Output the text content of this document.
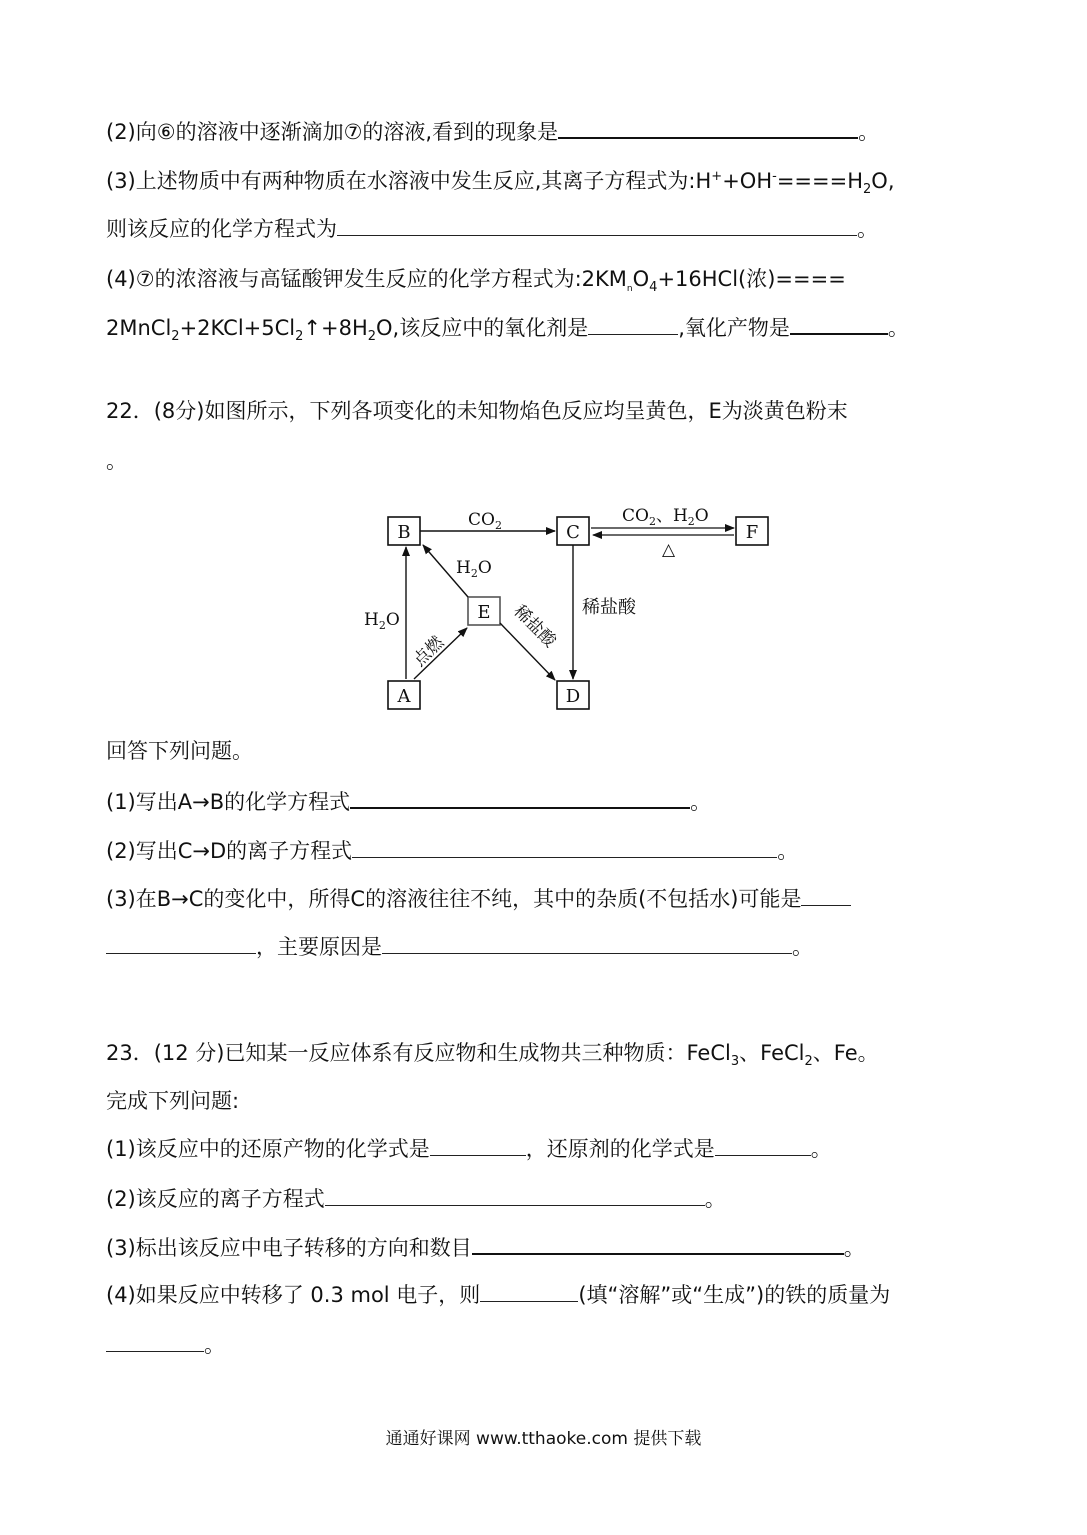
(2)向⑥的溶液中逐渐滴加⑦的溶液,看到的现象是	。
(3)上述物质中有两种物质在水溶液中发生反应,其离子方程式为$:H^++OH^-====H_2O$,
则该反应的化学方程式为	。
(4)⑦的浓溶液与高锰酸钾发生反应的化学方程式为$:2KM_nO_4+16HCl$(浓)====
$2MnCl_2+2KCl+5Cl_2↑+8H_2O$,该反应中的氧化剂是	,氧化产物是	。
22．(8分)如图所示，下列各项变化的未知物焰色反应均呈黄色，E为淡黄色粉末
。
B	C	F
E
A	D
$CO_2$	$CO_2$、$H_2O$
△
$H_2O$
点燃
$H_2O$
稀盐酸 稀盐酸
回答下列问题。
(1)写出A→B的化学方程式	。
(2)写出C→D的离子方程式	。
(3)在B→C的变化中，所得C的溶液往往不纯，其中的杂质(不包括水)可能是
，主要原因是	。
23．(12 分)已知某一反应体系有反应物和生成物共三种物质：FeCl$_3$、FeCl$_2$、Fe。
完成下列问题:
(1)该反应中的还原产物的化学式是	，还原剂的化学式是	。
(2)该反应的离子方程式	。
(3)标出该反应中电子转移的方向和数目	。
(4)如果反应中转移了 0.3 mol 电子，则	(填“溶解”或“生成”)的铁的质量为
。
通通好课网 www.tthaoke.com 提供下载
